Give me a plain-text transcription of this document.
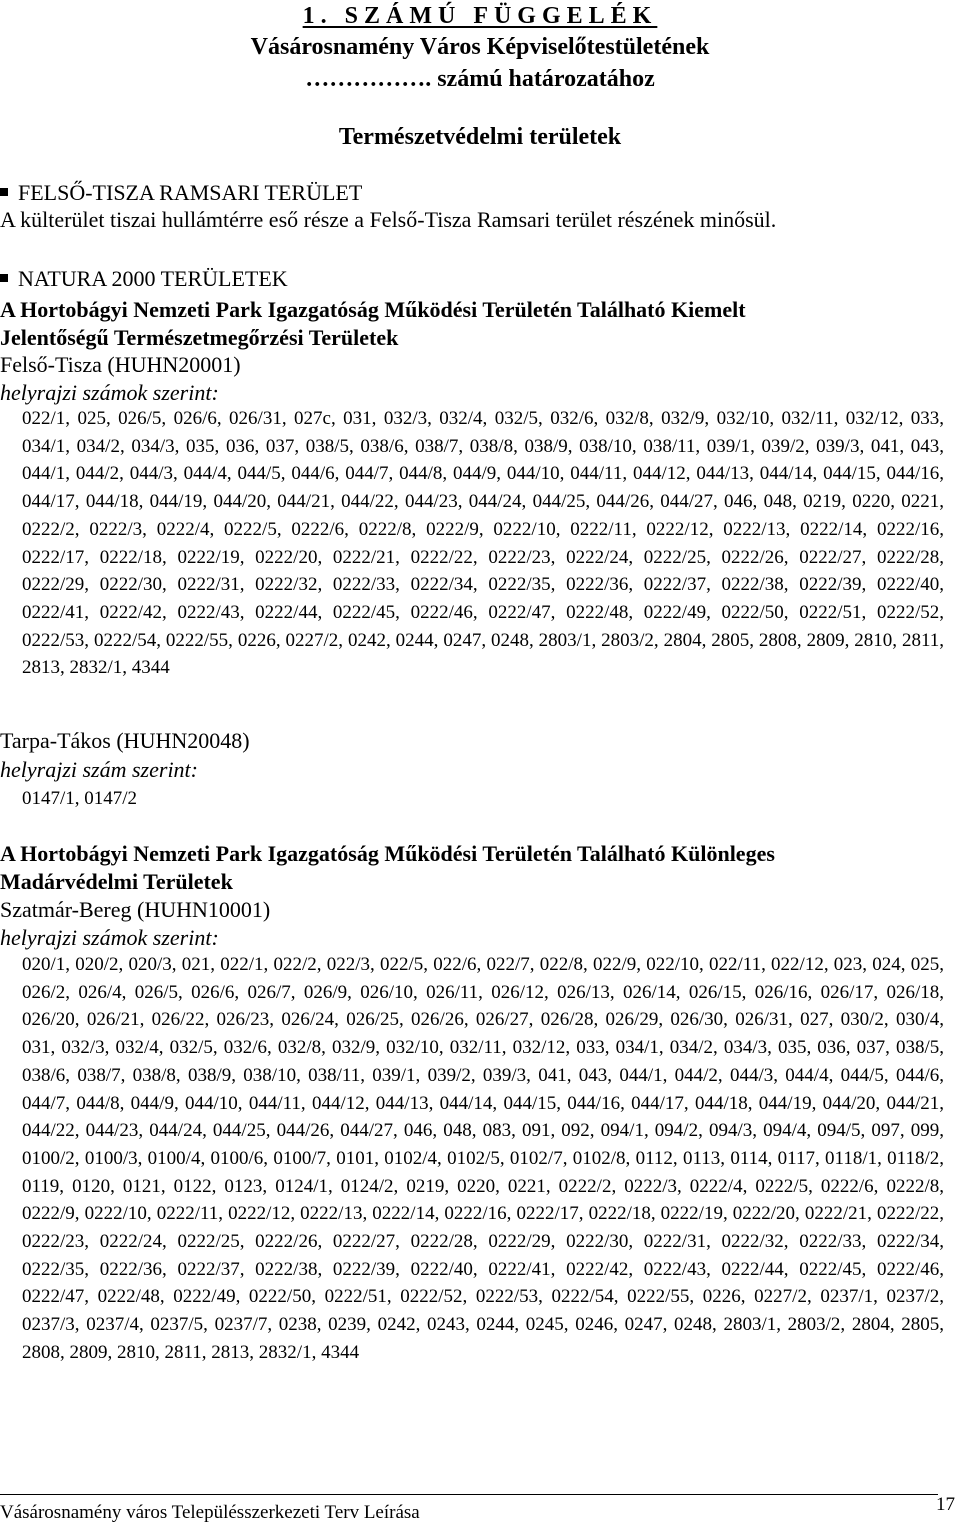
1. SZÁMÚ FÜGGELÉK
Vásárosnamény Város Képviselőtestületének
……………. számú határozatához
Természetvédelmi területek
FELSŐ-TISZA RAMSARI TERÜLET
A külterület tiszai hullámtérre eső része a Felső-Tisza Ramsari terület részének minősül.
NATURA 2000 TERÜLETEK
A Hortobágyi Nemzeti Park Igazgatóság Működési Területén Található Kiemelt
Jelentőségű Természetmegőrzési Területek
Felső-Tisza (HUHN20001)
helyrajzi számok szerint:
022/1, 025, 026/5, 026/6, 026/31, 027c, 031, 032/3, 032/4, 032/5, 032/6, 032/8, 032/9, 032/10, 032/11, 032/12, 033, 034/1, 034/2, 034/3, 035, 036, 037, 038/5, 038/6, 038/7, 038/8, 038/9, 038/10, 038/11, 039/1, 039/2, 039/3, 041, 043, 044/1, 044/2, 044/3, 044/4, 044/5, 044/6, 044/7, 044/8, 044/9, 044/10, 044/11, 044/12, 044/13, 044/14, 044/15, 044/16, 044/17, 044/18, 044/19, 044/20, 044/21, 044/22, 044/23, 044/24, 044/25, 044/26, 044/27, 046, 048, 0219, 0220, 0221, 0222/2, 0222/3, 0222/4, 0222/5, 0222/6, 0222/8, 0222/9, 0222/10, 0222/11, 0222/12, 0222/13, 0222/14, 0222/16, 0222/17, 0222/18, 0222/19, 0222/20, 0222/21, 0222/22, 0222/23, 0222/24, 0222/25, 0222/26, 0222/27, 0222/28, 0222/29, 0222/30, 0222/31, 0222/32, 0222/33, 0222/34, 0222/35, 0222/36, 0222/37, 0222/38, 0222/39, 0222/40, 0222/41, 0222/42, 0222/43, 0222/44, 0222/45, 0222/46, 0222/47, 0222/48, 0222/49, 0222/50, 0222/51, 0222/52, 0222/53, 0222/54, 0222/55, 0226, 0227/2, 0242, 0244, 0247, 0248, 2803/1, 2803/2, 2804, 2805, 2808, 2809, 2810, 2811, 2813, 2832/1, 4344
Tarpa-Tákos (HUHN20048)
helyrajzi szám szerint:
0147/1, 0147/2
A Hortobágyi Nemzeti Park Igazgatóság Működési Területén Található Különleges
Madárvédelmi Területek
Szatmár-Bereg (HUHN10001)
helyrajzi számok szerint:
020/1, 020/2, 020/3, 021, 022/1, 022/2, 022/3, 022/5, 022/6, 022/7, 022/8, 022/9, 022/10, 022/11, 022/12, 023, 024, 025, 026/2, 026/4, 026/5, 026/6, 026/7, 026/9, 026/10, 026/11, 026/12, 026/13, 026/14, 026/15, 026/16, 026/17, 026/18, 026/20, 026/21, 026/22, 026/23, 026/24, 026/25, 026/26, 026/27, 026/28, 026/29, 026/30, 026/31, 027, 030/2, 030/4, 031, 032/3, 032/4, 032/5, 032/6, 032/8, 032/9, 032/10, 032/11, 032/12, 033, 034/1, 034/2, 034/3, 035, 036, 037, 038/5, 038/6, 038/7, 038/8, 038/9, 038/10, 038/11, 039/1, 039/2, 039/3, 041, 043, 044/1, 044/2, 044/3, 044/4, 044/5, 044/6, 044/7, 044/8, 044/9, 044/10, 044/11, 044/12, 044/13, 044/14, 044/15, 044/16, 044/17, 044/18, 044/19, 044/20, 044/21, 044/22, 044/23, 044/24, 044/25, 044/26, 044/27, 046, 048, 083, 091, 092, 094/1, 094/2, 094/3, 094/4, 094/5, 097, 099, 0100/2, 0100/3, 0100/4, 0100/6, 0100/7, 0101, 0102/4, 0102/5, 0102/7, 0102/8, 0112, 0113, 0114, 0117, 0118/1, 0118/2, 0119, 0120, 0121, 0122, 0123, 0124/1, 0124/2, 0219, 0220, 0221, 0222/2, 0222/3, 0222/4, 0222/5, 0222/6, 0222/8, 0222/9, 0222/10, 0222/11, 0222/12, 0222/13, 0222/14, 0222/16, 0222/17, 0222/18, 0222/19, 0222/20, 0222/21, 0222/22, 0222/23, 0222/24, 0222/25, 0222/26, 0222/27, 0222/28, 0222/29, 0222/30, 0222/31, 0222/32, 0222/33, 0222/34, 0222/35, 0222/36, 0222/37, 0222/38, 0222/39, 0222/40, 0222/41, 0222/42, 0222/43, 0222/44, 0222/45, 0222/46, 0222/47, 0222/48, 0222/49, 0222/50, 0222/51, 0222/52, 0222/53, 0222/54, 0222/55, 0226, 0227/2, 0237/1, 0237/2, 0237/3, 0237/4, 0237/5, 0237/7, 0238, 0239, 0242, 0243, 0244, 0245, 0246, 0247, 0248, 2803/1, 2803/2, 2804, 2805, 2808, 2809, 2810, 2811, 2813, 2832/1, 4344
Vásárosnamény város Településszerkezeti Terv Leírása	17
